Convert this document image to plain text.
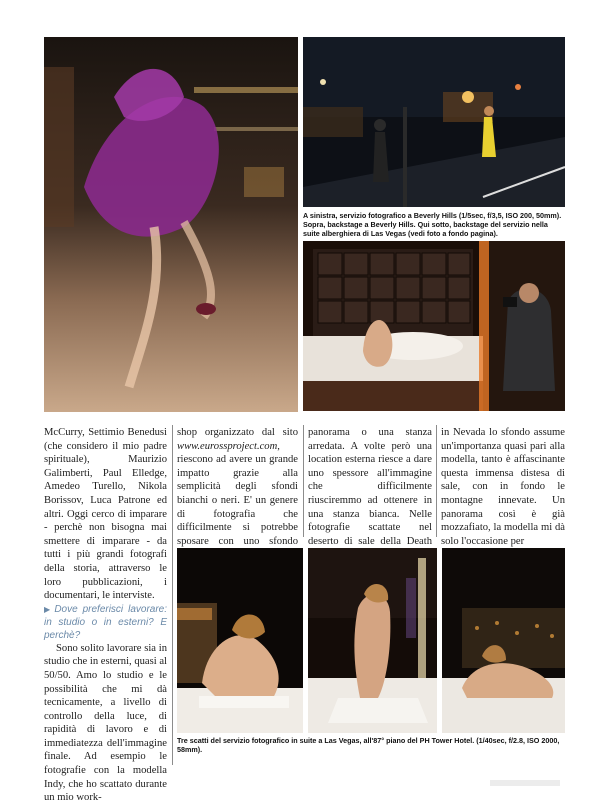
A sinistra, servizio fotografico a Beverly Hills (1/5sec, f/3,5, ISO 200, 50mm). Sopra, backstage a Beverly Hills. Qui sotto, backstage del servizio nella suite alberghiera di Las Vegas (vedi foto a fondo pagina).

McCurry, Settimio Benedusi (che considero il mio padre spirituale), Maurizio Galimberti, Paul Elledge, Amedeo Turello, Nikola Borissov, Luca Patrone ed altri. Oggi cerco di imparare - perchè non bisogna mai smettere di imparare - da tutti i più grandi fotografi della storia, attraverso le loro pubblicazioni, i documentari, le interviste.

▶ Dove preferisci lavorare: in studio o in esterni? E perchè?

Sono solito lavorare sia in studio che in esterni, quasi al 50/50. Amo lo studio e le possibilità che mi dà tecnicamente, a livello di controllo della luce, di rapidità di lavoro e di immediatezza dell'immagine finale. Ad esempio le fotografie con la modella Indy, che ho scattato durante un mio work-

shop organizzato dal sito www.eurossproject.com, riescono ad avere un grande impatto grazie alla semplicità degli sfondi bianchi o neri. E' un genere di fotografia che difficilmente si potrebbe sposare con uno sfondo

panorama o una stanza arredata. A volte però una location esterna riesce a dare uno spessore all'immagine che difficilmente riusciremmo ad ottenere in una stanza bianca. Nelle fotografie scattate nel deserto di sale della Death

in Nevada lo sfondo assume un'importanza quasi pari alla modella, tanto è affascinante questa immensa distesa di sale, con in fondo le montagne innevate. Un panorama così è già mozzafiato, la modella mi dà solo l'occasione per

Tre scatti del servizio fotografico in suite a Las Vegas, all'87° piano del PH Tower Hotel. (1/40sec, f/2.8, ISO 2000, 58mm).
